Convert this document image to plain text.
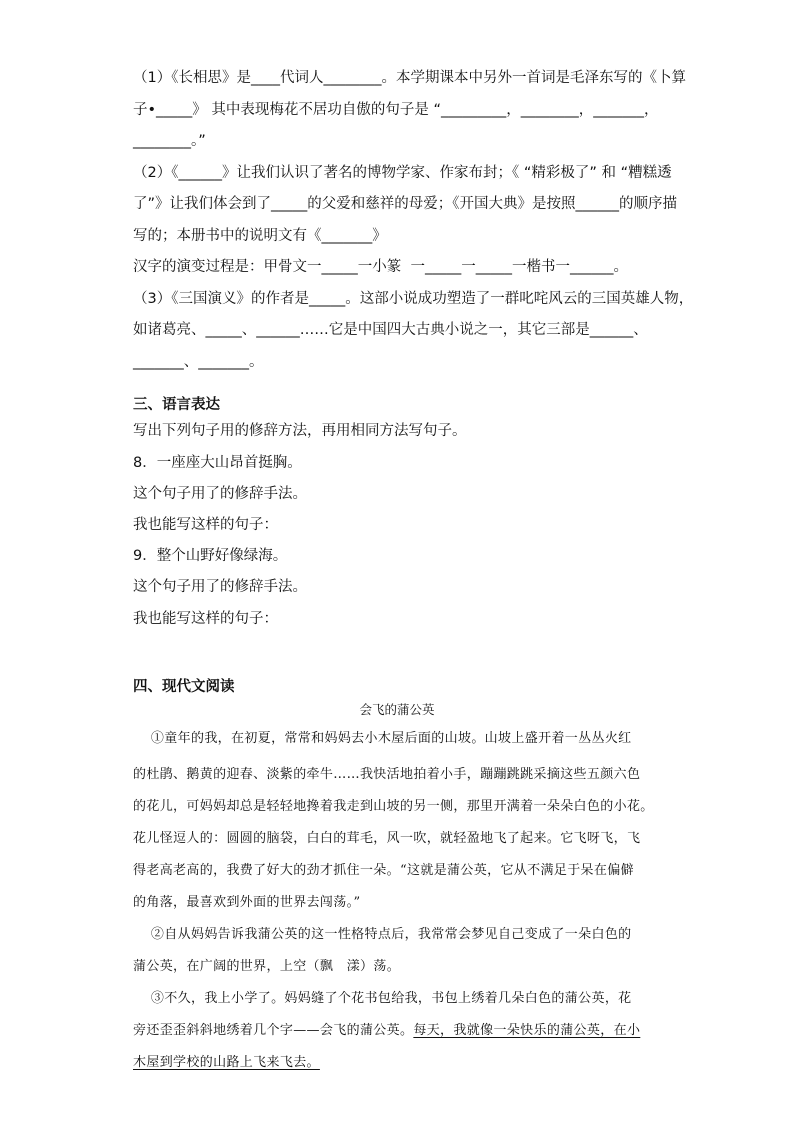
（1）《长相思》是____代词人________。本学期课本中另外一首词是毛泽东写的《卜算
子•_____》 其中表现梅花不居功自傲的句子是 “_________，________，_______，
________。”
（2）《______》让我们认识了著名的博物学家、作家布封；《 “精彩极了” 和 “糟糕透
了”》让我们体会到了_____的父爱和慈祥的母爱；《开国大典》是按照______的顺序描
写的；本册书中的说明文有《_______》
汉字的演变过程是：甲骨文一_____一小篆  一_____一_____一楷书一______。
（3）《三国演义》的作者是_____。这部小说成功塑造了一群叱咤风云的三国英雄人物，
如诸葛亮、_____、______……它是中国四大古典小说之一，其它三部是______、
_______、_______。
三、语言表达
写出下列句子用的修辞方法，再用相同方法写句子。
8．一座座大山昂首挺胸。
这个句子用了的修辞手法。
我也能写这样的句子：
9．整个山野好像绿海。
这个句子用了的修辞手法。
我也能写这样的句子：
四、现代文阅读
会飞的蒲公英
①童年的我，在初夏，常常和妈妈去小木屋后面的山坡。山坡上盛开着一丛丛火红
的杜鹃、鹅黄的迎春、淡紫的牵牛……我快活地拍着小手，蹦蹦跳跳采摘这些五颜六色
的花儿，可妈妈却总是轻轻地搀着我走到山坡的另一侧，那里开满着一朵朵白色的小花。
花儿怪逗人的：圆圆的脑袋，白白的茸毛，风一吹，就轻盈地飞了起来。它飞呀飞，飞
得老高老高的，我费了好大的劲才抓住一朵。“这就是蒲公英，它从不满足于呆在偏僻
的角落，最喜欢到外面的世界去闯荡。”
②自从妈妈告诉我蒲公英的这一性格特点后，我常常会梦见自己变成了一朵白色的
蒲公英，在广阔的世界，上空（飘   漾）荡。
③不久，我上小学了。妈妈缝了个花书包给我，书包上绣着几朵白色的蒲公英，花
旁还歪歪斜斜地绣着几个字——会飞的蒲公英。每天，我就像一朵快乐的蒲公英，在小
木屋到学校的山路上飞来飞去。
